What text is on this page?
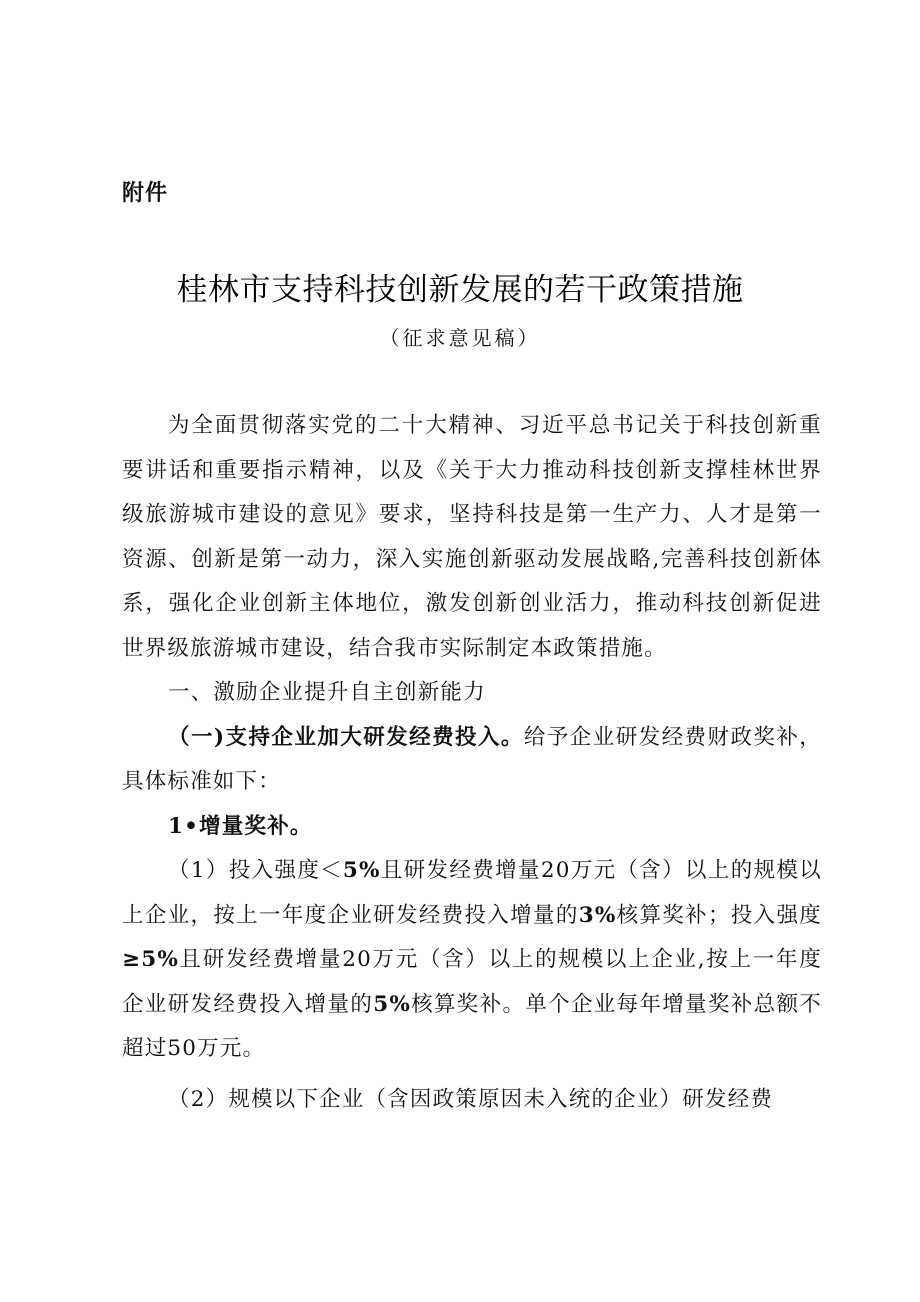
附件
桂林市支持科技创新发展的若干政策措施
（征求意见稿）

为全面贯彻落实党的二十大精神、习近平总书记关于科技创新重要讲话和重要指示精神，以及《关于大力推动科技创新支撑桂林世界级旅游城市建设的意见》要求，坚持科技是第一生产力、人才是第一资源、创新是第一动力，深入实施创新驱动发展战略,完善科技创新体系，强化企业创新主体地位，激发创新创业活力，推动科技创新促进世界级旅游城市建设，结合我市实际制定本政策措施。

一、激励企业提升自主创新能力

（一)支持企业加大研发经费投入。给予企业研发经费财政奖补，具体标准如下：

1•增量奖补。

（1）投入强度＜5%且研发经费增量20万元（含）以上的规模以上企业，按上一年度企业研发经费投入增量的3%核算奖补；投入强度≥5%且研发经费增量20万元（含）以上的规模以上企业,按上一年度企业研发经费投入增量的5%核算奖补。单个企业每年增量奖补总额不超过50万元。

（2）规模以下企业（含因政策原因未入统的企业）研发经费
